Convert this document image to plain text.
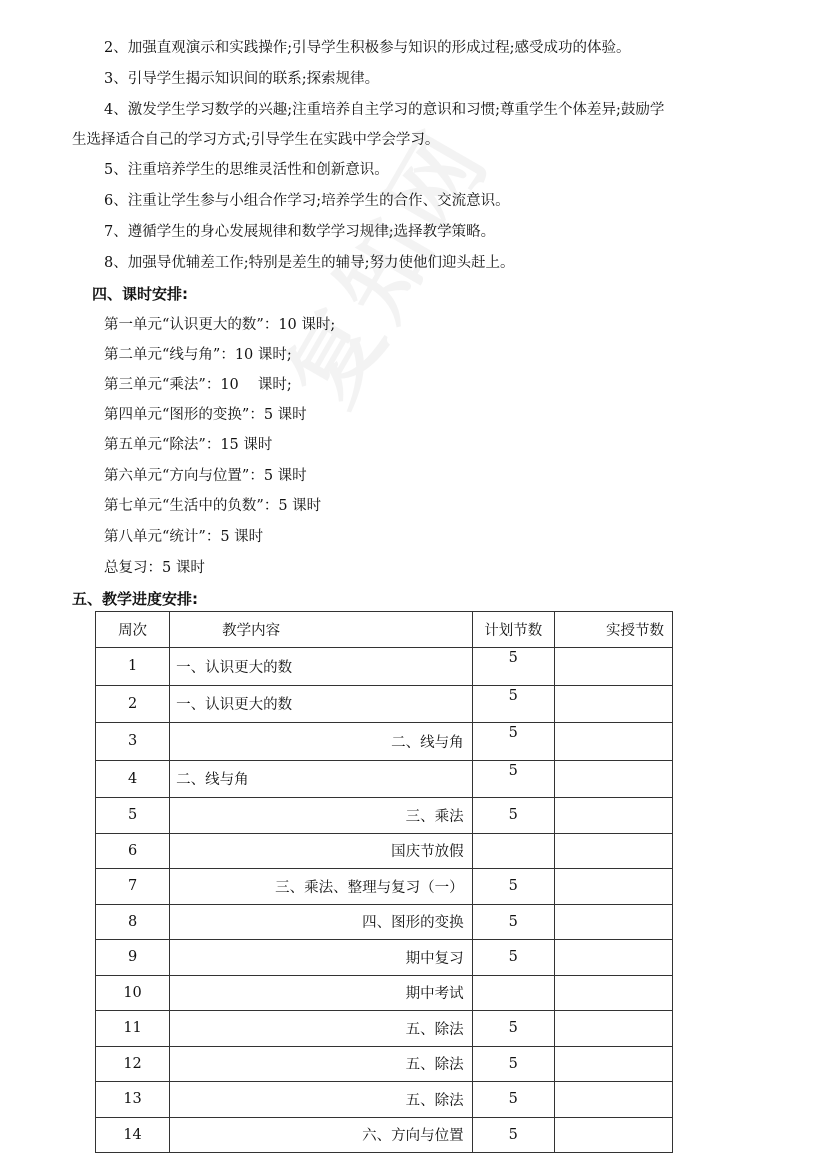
2、加强直观演示和实践操作;引导学生积极参与知识的形成过程;感受成功的体验。
3、引导学生揭示知识间的联系;探索规律。
4、激发学生学习数学的兴趣;注重培养自主学习的意识和习惯;尊重学生个体差异;鼓励学
生选择适合自己的学习方式;引导学生在实践中学会学习。
5、注重培养学生的思维灵活性和创新意识。
6、注重让学生参与小组合作学习;培养学生的合作、交流意识。
7、遵循学生的身心发展规律和数学学习规律;选择教学策略。
8、加强导优辅差工作;特别是差生的辅导;努力使他们迎头赶上。
四、课时安排:
第一单元“认识更大的数”：10 课时;
第二单元“线与角”：10 课时;
第三单元“乘法”：10　 课时;
第四单元“图形的变换”：5 课时
第五单元“除法”：15 课时
第六单元“方向与位置”：5 课时
第七单元“生活中的负数”：5 课时
第八单元“统计”：5 课时
总复习：5 课时
五、教学进度安排:
周次	教学内容	计划节数	实授节数
1	一、认识更大的数	5	
2	一、认识更大的数	5	
3	二、线与角	5	
4	二、线与角	5	
5	三、乘法	5	
6	国庆节放假		
7	三、乘法、整理与复习（一）	5	
8	四、图形的变换	5	
9	期中复习	5	
10	期中考试		
11	五、除法	5	
12	五、除法	5	
13	五、除法	5	
14	六、方向与位置	5	
